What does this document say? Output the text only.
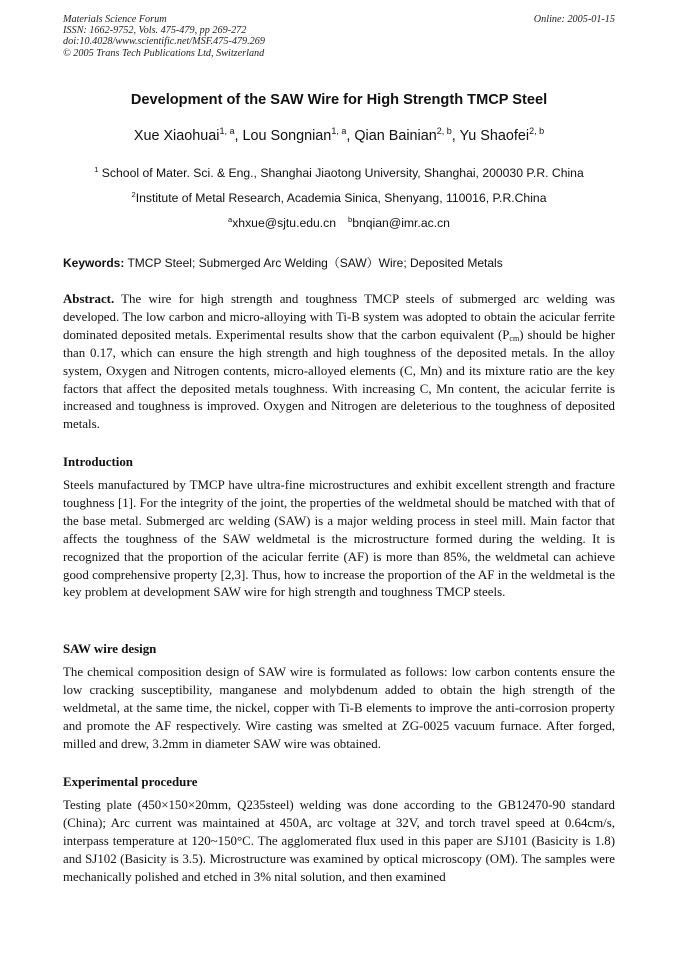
Materials Science Forum
ISSN: 1662-9752, Vols. 475-479, pp 269-272
doi:10.4028/www.scientific.net/MSF.475-479.269
© 2005 Trans Tech Publications Ltd, Switzerland
Online: 2005-01-15
Development of the SAW Wire for High Strength TMCP Steel
Xue Xiaohuai$^{1, a}$, Lou Songnian$^{1, a}$, Qian Bainian$^{2, b}$, Yu Shaofei$^{2, b}$
$^1$ School of Mater. Sci. & Eng., Shanghai Jiaotong University, Shanghai, 200030 P.R. China
$^2$Institute of Metal Research, Academia Sinica, Shenyang, 110016, P.R.China
$^a$xhxue@sjtu.edu.cn $^b$bnqian@imr.ac.cn
Keywords: TMCP Steel; Submerged Arc Welding（SAW）Wire; Deposited Metals
Abstract. The wire for high strength and toughness TMCP steels of submerged arc welding was developed. The low carbon and micro-alloying with Ti-B system was adopted to obtain the acicular ferrite dominated deposited metals. Experimental results show that the carbon equivalent $(P_{cm})$ should be higher than 0.17, which can ensure the high strength and high toughness of the deposited metals. In the alloy system, Oxygen and Nitrogen contents, micro-alloyed elements (C, Mn) and its mixture ratio are the key factors that affect the deposited metals toughness. With increasing C, Mn content, the acicular ferrite is increased and toughness is improved. Oxygen and Nitrogen are deleterious to the toughness of deposited metals.
Introduction
Steels manufactured by TMCP have ultra-fine microstructures and exhibit excellent strength and fracture toughness [1]. For the integrity of the joint, the properties of the weldmetal should be matched with that of the base metal. Submerged arc welding (SAW) is a major welding process in steel mill. Main factor that affects the toughness of the SAW weldmetal is the microstructure formed during the welding. It is recognized that the proportion of the acicular ferrite (AF) is more than 85%, the weldmetal can achieve good comprehensive property [2,3]. Thus, how to increase the proportion of the AF in the weldmetal is the key problem at development SAW wire for high strength and toughness TMCP steels.
SAW wire design
The chemical composition design of SAW wire is formulated as follows: low carbon contents ensure the low cracking susceptibility, manganese and molybdenum added to obtain the high strength of the weldmetal, at the same time, the nickel, copper with Ti-B elements to improve the anti-corrosion property and promote the AF respectively. Wire casting was smelted at ZG-0025 vacuum furnace. After forged, milled and drew, 3.2mm in diameter SAW wire was obtained.
Experimental procedure
Testing plate (450×150×20mm, Q235steel) welding was done according to the GB12470-90 standard (China); Arc current was maintained at 450A, arc voltage at 32V, and torch travel speed at 0.64cm/s, interpass temperature at 120~150°C. The agglomerated flux used in this paper are SJ101 (Basicity is 1.8) and SJ102 (Basicity is 3.5). Microstructure was examined by optical microscopy (OM). The samples were mechanically polished and etched in 3% nital solution, and then examined
